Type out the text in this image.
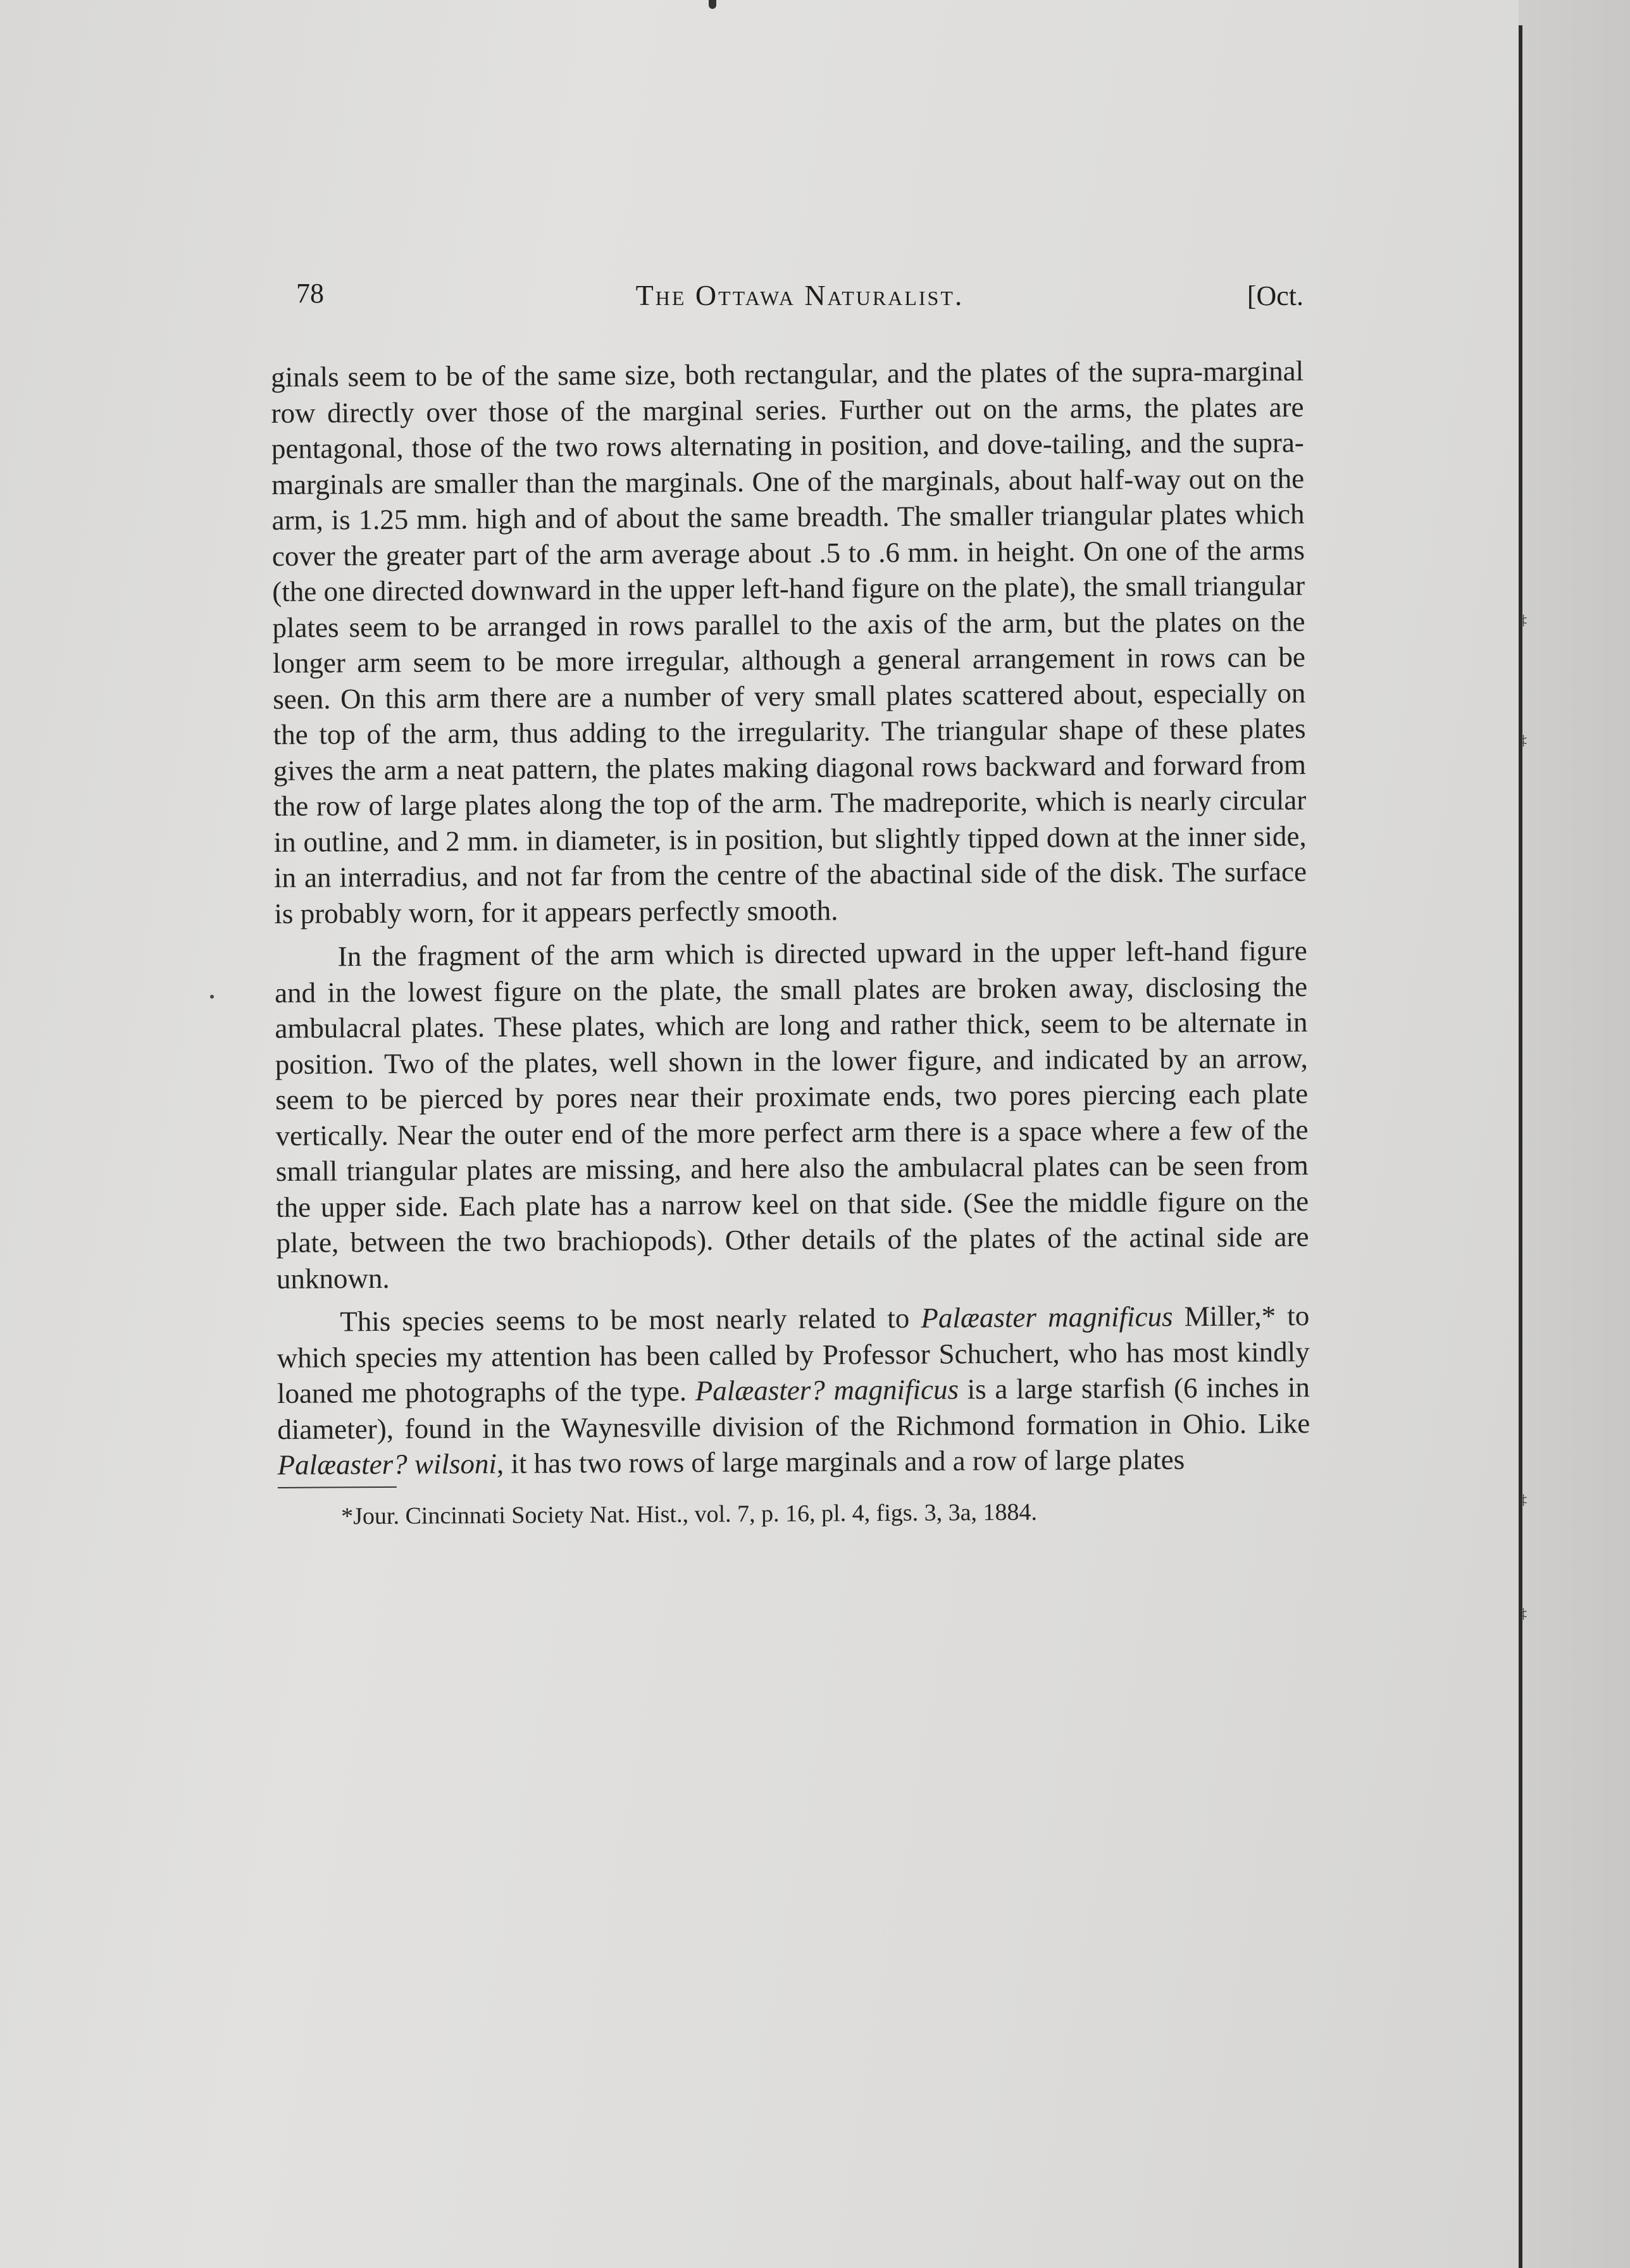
78	The Ottawa Naturalist.	[Oct.

ginals seem to be of the same size, both rectangular, and the plates of the supra-marginal row directly over those of the marginal series. Further out on the arms, the plates are pentagonal, those of the two rows alternating in position, and dove-tailing, and the supra-marginals are smaller than the marginals. One of the marginals, about half-way out on the arm, is 1.25 mm. high and of about the same breadth. The smaller triangular plates which cover the greater part of the arm average about .5 to .6 mm. in height. On one of the arms (the one directed downward in the upper left-hand figure on the plate), the small triangular plates seem to be arranged in rows parallel to the axis of the arm, but the plates on the longer arm seem to be more irregular, although a general arrangement in rows can be seen. On this arm there are a number of very small plates scattered about, especially on the top of the arm, thus adding to the irregularity. The triangular shape of these plates gives the arm a neat pattern, the plates making diagonal rows backward and forward from the row of large plates along the top of the arm. The madreporite, which is nearly circular in outline, and 2 mm. in diameter, is in position, but slightly tipped down at the inner side, in an interradius, and not far from the centre of the abactinal side of the disk. The surface is probably worn, for it appears perfectly smooth.

In the fragment of the arm which is directed upward in the upper left-hand figure and in the lowest figure on the plate, the small plates are broken away, disclosing the ambulacral plates. These plates, which are long and rather thick, seem to be alternate in position. Two of the plates, well shown in the lower figure, and indicated by an arrow, seem to be pierced by pores near their proximate ends, two pores piercing each plate vertically. Near the outer end of the more perfect arm there is a space where a few of the small triangular plates are missing, and here also the ambulacral plates can be seen from the upper side. Each plate has a narrow keel on that side. (See the middle figure on the plate, between the two brachiopods). Other details of the plates of the actinal side are unknown.

This species seems to be most nearly related to Palæaster magnificus Miller,* to which species my attention has been called by Professor Schuchert, who has most kindly loaned me photographs of the type. Palæaster? magnificus is a large starfish (6 inches in diameter), found in the Waynesville division of the Richmond formation in Ohio. Like Palæaster? wilsoni, it has two rows of large marginals and a row of large plates

*Jour. Cincinnati Society Nat. Hist., vol. 7, p. 16, pl. 4, figs. 3, 3a, 1884.

‡
‡
‡
‡
